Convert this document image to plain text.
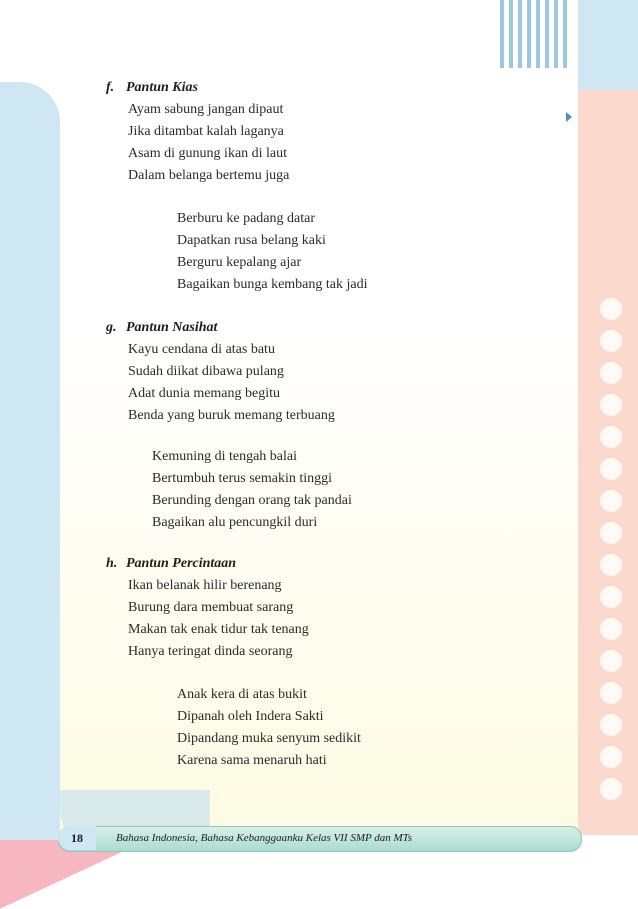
f. Pantun Kias
Ayam sabung jangan dipaut
Jika ditambat kalah laganya
Asam di gunung ikan di laut
Dalam belanga bertemu juga
Berburu ke padang datar
Dapatkan rusa belang kaki
Berguru kepalang ajar
Bagaikan bunga kembang tak jadi
g. Pantun Nasihat
Kayu cendana di atas batu
Sudah diikat dibawa pulang
Adat dunia memang begitu
Benda yang buruk memang terbuang
Kemuning di tengah balai
Bertumbuh terus semakin tinggi
Berunding dengan orang tak pandai
Bagaikan alu pencungkil duri
h. Pantun Percintaan
Ikan belanak hilir berenang
Burung dara membuat sarang
Makan tak enak tidur tak tenang
Hanya teringat dinda seorang
Anak kera di atas bukit
Dipanah oleh Indera Sakti
Dipandang muka senyum sedikit
Karena sama menaruh hati
18	Bahasa Indonesia, Bahasa Kebanggaanku Kelas VII SMP dan MTs
